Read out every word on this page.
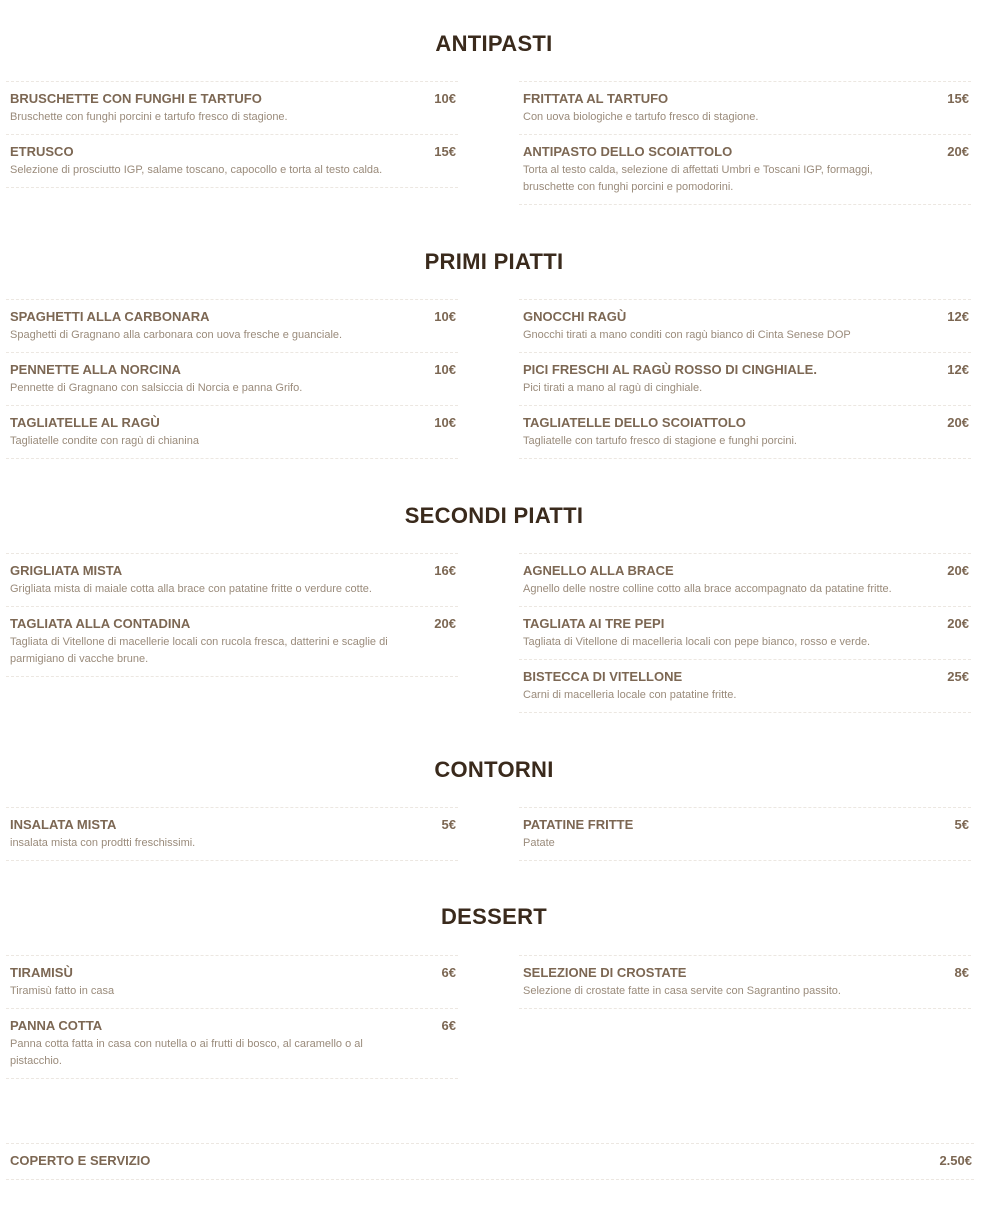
ANTIPASTI
BRUSCHETTE CON FUNGHI E TARTUFO	10€
Bruschette con funghi porcini e tartufo fresco di stagione.
ETRUSCO	15€
Selezione di prosciutto IGP, salame toscano, capocollo e torta al testo calda.
FRITTATA AL TARTUFO	15€
Con uova biologiche e tartufo fresco di stagione.
ANTIPASTO DELLO SCOIATTOLO	20€
Torta al testo calda, selezione di affettati Umbri e Toscani IGP, formaggi, bruschette con funghi porcini e pomodorini.
PRIMI PIATTI
SPAGHETTI ALLA CARBONARA	10€
Spaghetti di Gragnano alla carbonara con uova fresche e guanciale.
PENNETTE ALLA NORCINA	10€
Pennette di Gragnano con salsiccia di Norcia e panna Grifo.
TAGLIATELLE AL RAGÙ	10€
Tagliatelle condite con ragù di chianina
GNOCCHI RAGÙ	12€
Gnocchi tirati a mano conditi con ragù bianco di Cinta Senese DOP
PICI FRESCHI AL RAGÙ ROSSO DI CINGHIALE.	12€
Pici tirati a mano al ragù di cinghiale.
TAGLIATELLE DELLO SCOIATTOLO	20€
Tagliatelle con tartufo fresco di stagione e funghi porcini.
SECONDI PIATTI
GRIGLIATA MISTA	16€
Grigliata mista di maiale cotta alla brace con patatine fritte o verdure cotte.
TAGLIATA ALLA CONTADINA	20€
Tagliata di Vitellone di macellerie locali con rucola fresca, datterini e scaglie di parmigiano di vacche brune.
AGNELLO ALLA BRACE	20€
Agnello delle nostre colline cotto alla brace accompagnato da patatine fritte.
TAGLIATA AI TRE PEPI	20€
Tagliata di Vitellone di macelleria locali con pepe bianco, rosso e verde.
BISTECCA DI VITELLONE	25€
Carni di macelleria locale con patatine fritte.
CONTORNI
INSALATA MISTA	5€
insalata mista con prodtti freschissimi.
PATATINE FRITTE	5€
Patate
DESSERT
TIRAMISÙ	6€
Tiramisù fatto in casa
PANNA COTTA	6€
Panna cotta fatta in casa con nutella o ai frutti di bosco, al caramello o al pistacchio.
SELEZIONE DI CROSTATE	8€
Selezione di crostate fatte in casa servite con Sagrantino passito.
COPERTO E SERVIZIO	2.50€
